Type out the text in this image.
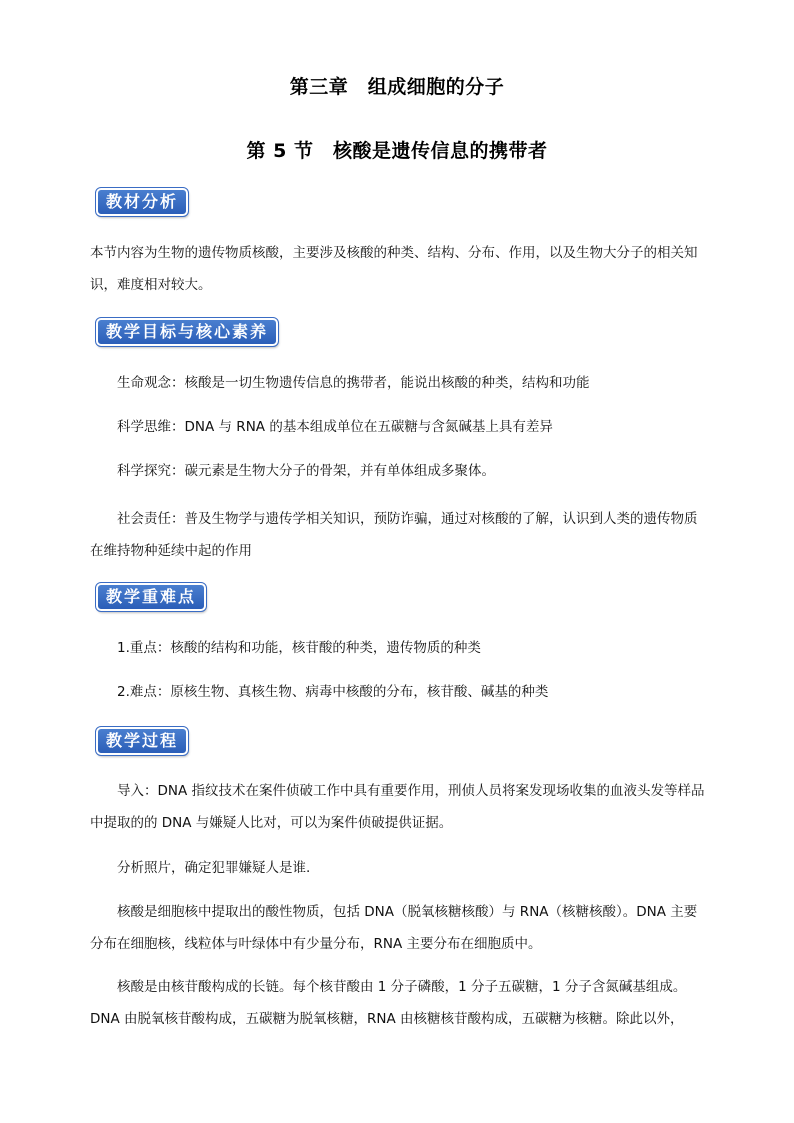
第三章　组成细胞的分子
第 5 节　核酸是遗传信息的携带者
教材分析
本节内容为生物的遗传物质核酸，主要涉及核酸的种类、结构、分布、作用，以及生物大分子的相关知识，难度相对较大。
教学目标与核心素养
生命观念：核酸是一切生物遗传信息的携带者，能说出核酸的种类，结构和功能
科学思维：DNA 与 RNA 的基本组成单位在五碳糖与含氮碱基上具有差异
科学探究：碳元素是生物大分子的骨架，并有单体组成多聚体。
社会责任：普及生物学与遗传学相关知识，预防诈骗，通过对核酸的了解，认识到人类的遗传物质在维持物种延续中起的作用
教学重难点
1.重点：核酸的结构和功能，核苷酸的种类，遗传物质的种类
2.难点：原核生物、真核生物、病毒中核酸的分布，核苷酸、碱基的种类
教学过程
导入：DNA 指纹技术在案件侦破工作中具有重要作用，刑侦人员将案发现场收集的血液头发等样品中提取的的 DNA 与嫌疑人比对，可以为案件侦破提供证据。
分析照片，确定犯罪嫌疑人是谁.
核酸是细胞核中提取出的酸性物质，包括 DNA（脱氧核糖核酸）与 RNA（核糖核酸）。DNA 主要分布在细胞核，线粒体与叶绿体中有少量分布，RNA 主要分布在细胞质中。
核酸是由核苷酸构成的长链。每个核苷酸由 1 分子磷酸，1 分子五碳糖，1 分子含氮碱基组成。DNA 由脱氧核苷酸构成，五碳糖为脱氧核糖，RNA 由核糖核苷酸构成，五碳糖为核糖。除此以外，
